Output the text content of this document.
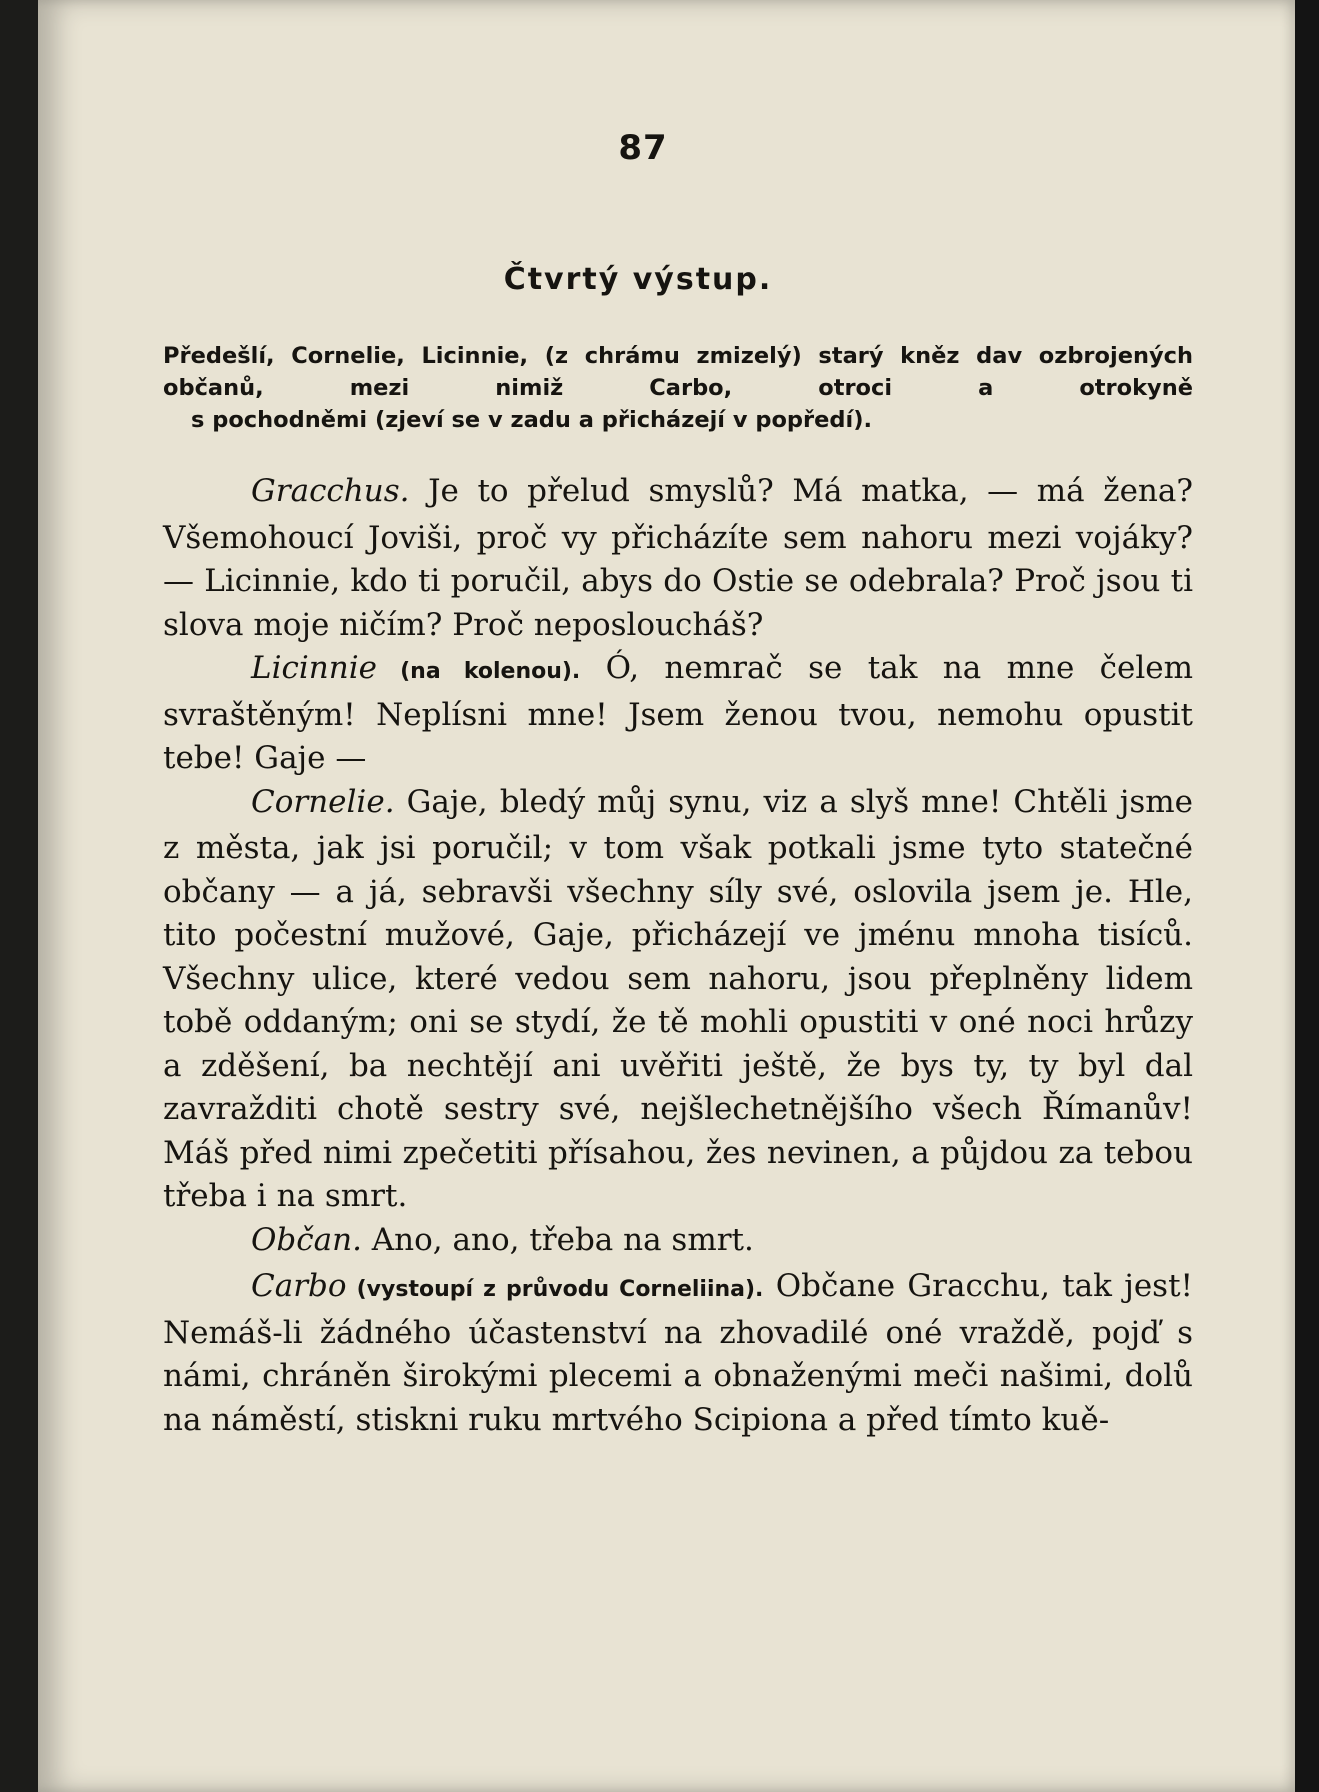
87
Čtvrtý výstup.
Předešlí, Cornelie, Licinnie, (z chrámu zmizelý) starý kněz dav ozbrojených občanů, mezi nimiž Carbo, otroci a otrokyně
s pochodněmi (zjeví se v zadu a přicházejí v popředí).

Gracchus. Je to přelud smyslů? Má matka, — má žena? Všemohoucí Joviši, proč vy přicházíte sem nahoru mezi vojáky? — Licinnie, kdo ti poručil, abys do Ostie se odebrala? Proč jsou ti slova moje ničím? Proč neposloucháš?

Licinnie (na kolenou). Ó, nemrač se tak na mne čelem svraštěným! Neplísni mne! Jsem ženou tvou, nemohu opustit tebe! Gaje —

Cornelie. Gaje, bledý můj synu, viz a slyš mne! Chtěli jsme z města, jak jsi poručil; v tom však potkali jsme tyto statečné občany — a já, sebravši všechny síly své, oslovila jsem je. Hle, tito počestní mužové, Gaje, přicházejí ve jménu mnoha tisíců. Všechny ulice, které vedou sem nahoru, jsou přeplněny lidem tobě oddaným; oni se stydí, že tě mohli opustiti v oné noci hrůzy a zděšení, ba nechtějí ani uvěřiti ještě, že bys ty, ty byl dal zavražditi chotě sestry své, nejšlechetnějšího všech Římanův! Máš před nimi zpečetiti přísahou, žes nevinen, a půjdou za tebou třeba i na smrt.

Občan. Ano, ano, třeba na smrt.

Carbo (vystoupí z průvodu Corneliina). Občane Gracchu, tak jest! Nemáš-li žádného účastenství na zhovadilé oné vraždě, pojď s námi, chráněn širokými plecemi a obnaženými meči našimi, dolů na náměstí, stiskni ruku mrtvého Scipiona a před tímto kuě-
